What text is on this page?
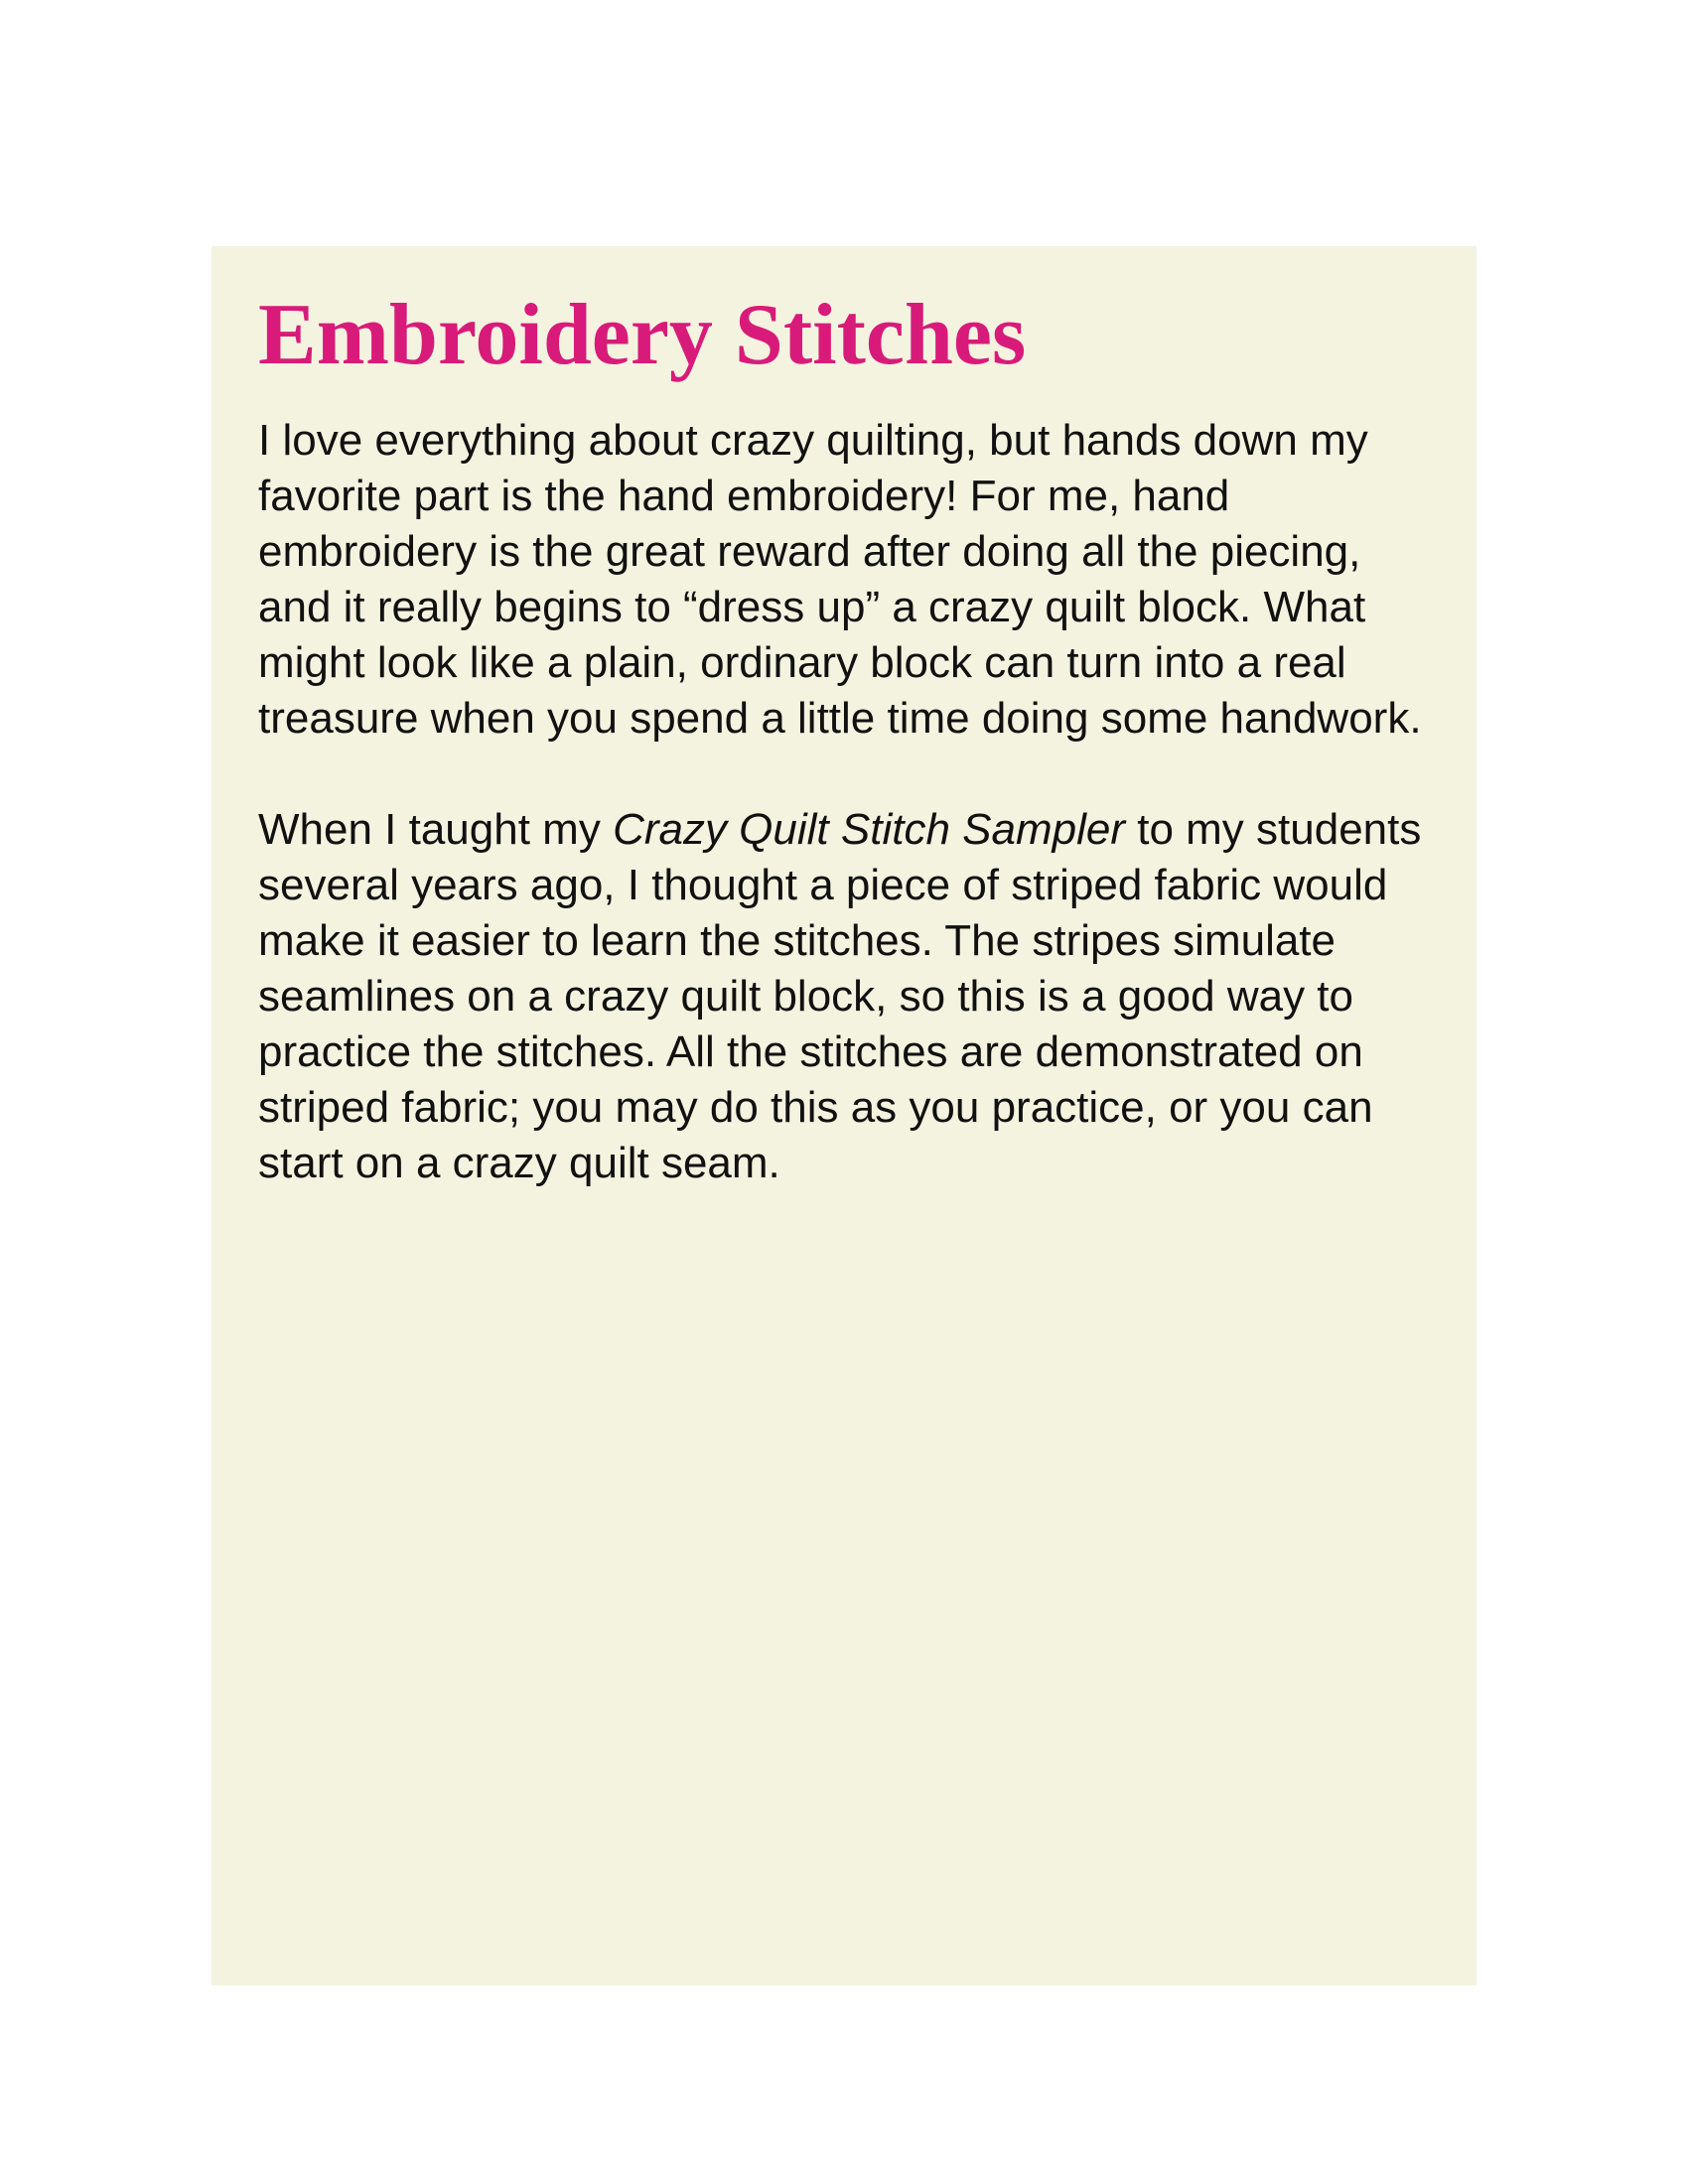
Embroidery Stitches

I love everything about crazy quilting, but hands down my favorite part is the hand embroidery! For me, hand embroidery is the great reward after doing all the piecing, and it really begins to “dress up” a crazy quilt block. What might look like a plain, ordinary block can turn into a real treasure when you spend a little time doing some handwork.

When I taught my Crazy Quilt Stitch Sampler to my students several years ago, I thought a piece of striped fabric would make it easier to learn the stitches. The stripes simulate seamlines on a crazy quilt block, so this is a good way to practice the stitches. All the stitches are demonstrated on striped fabric; you may do this as you practice, or you can start on a crazy quilt seam.
